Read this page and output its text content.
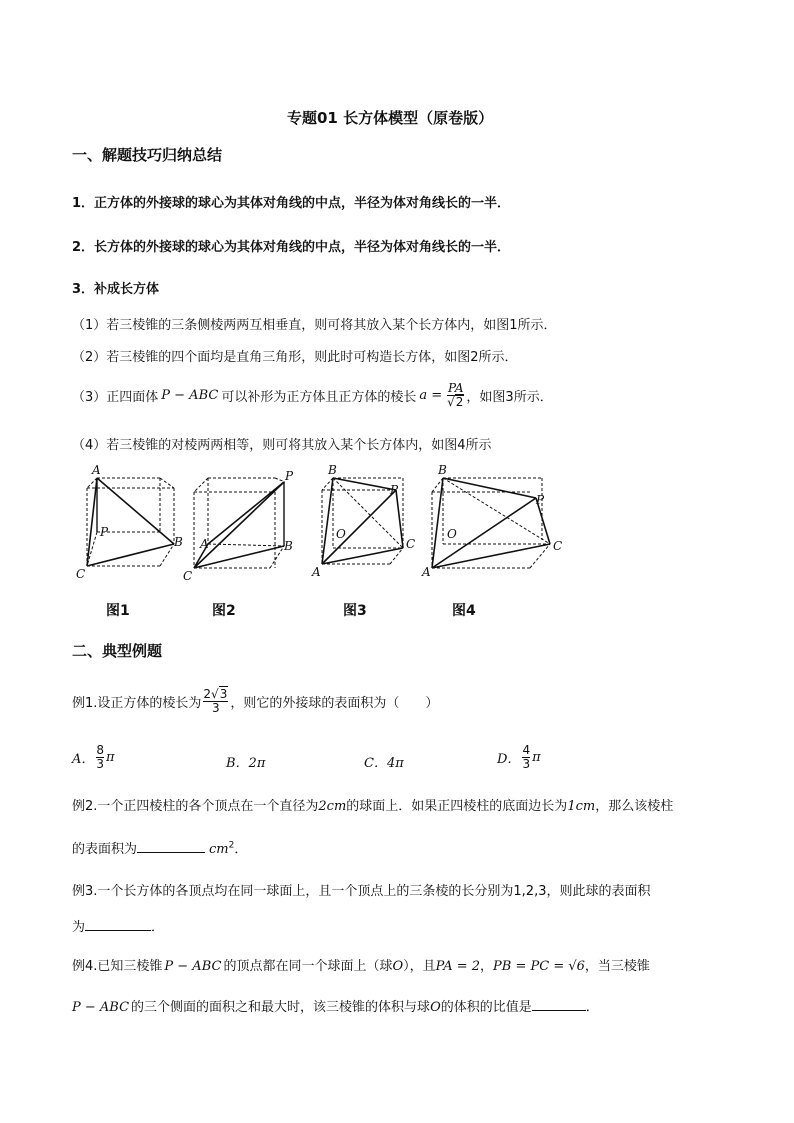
专题01 长方体模型（原卷版）
一、解题技巧归纳总结
1．正方体的外接球的球心为其体对角线的中点，半径为体对角线长的一半．
2．长方体的外接球的球心为其体对角线的中点，半径为体对角线长的一半．
3．补成长方体
（1）若三棱锥的三条侧棱两两互相垂直，则可将其放入某个长方体内，如图1所示．
（2）若三棱锥的四个面均是直角三角形，则此时可构造长方体，如图2所示．
（3）正四面体 P − ABC 可以补形为正方体且正方体的棱长 $a = \frac{PA}{√2}$ ，如图3所示．
（4）若三棱锥的对棱两两相等，则可将其放入某个长方体内，如图4所示
A
P
B
C
P
A	B
C
B
P
O
C
A
B
P
O
C
A
图1	图2	图3	图4
二、典型例题
例1.设正方体的棱长为 $\frac{2√3}{3}$ ，则它的外接球的表面积为（　　）
A． $\frac{8}{3}$ π	B．2π	C．4π	D． $\frac{4}{3}$ π
例2.一个正四棱柱的各个顶点在一个直径为2cm的球面上．如果正四棱柱的底面边长为1cm，那么该棱柱
的表面积为	$cm^2$．
例3.一个长方体的各顶点均在同一球面上，且一个顶点上的三条棱的长分别为1,2,3，则此球的表面积
为	．
例4.已知三棱锥 P − ABC 的顶点都在同一个球面上（球O），且PA = 2，PB = PC = √6，当三棱锥
P − ABC 的三个侧面的面积之和最大时，该三棱锥的体积与球O的体积的比值是	．
